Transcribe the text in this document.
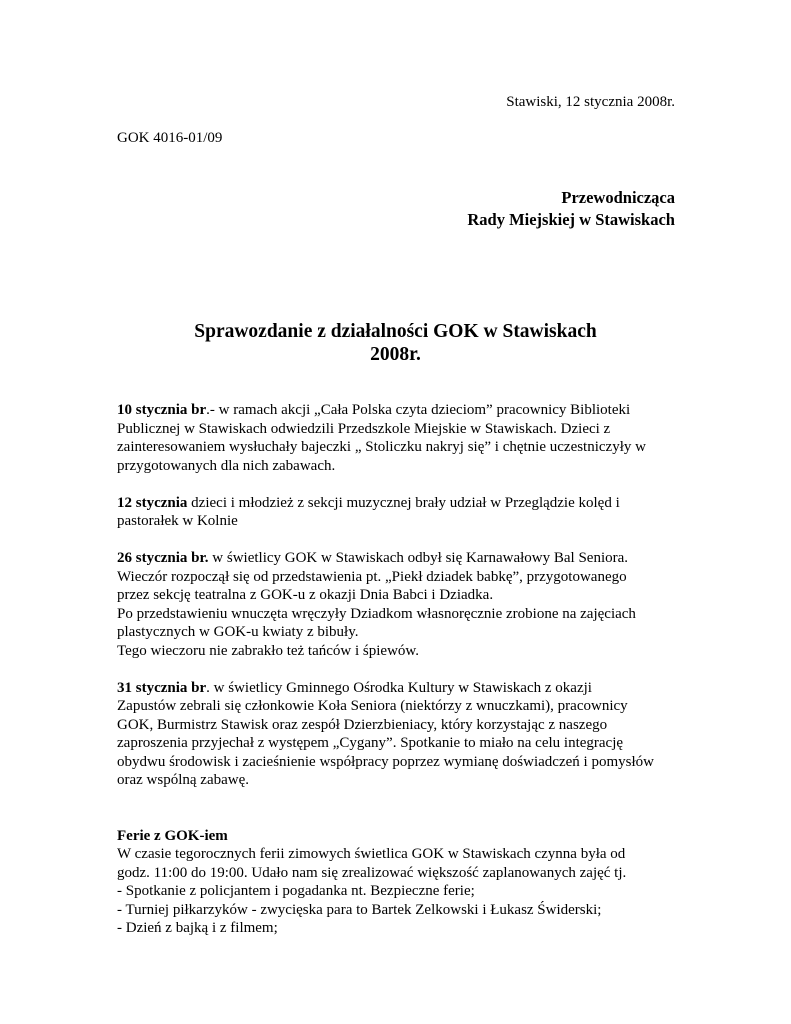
Stawiski, 12 stycznia 2008r.
GOK 4016-01/09
Przewodnicząca
Rady Miejskiej w Stawiskach
Sprawozdanie z działalności GOK w Stawiskach
2008r.

10 stycznia br.- w ramach akcji „Cała Polska czyta dzieciom” pracownicy Biblioteki
Publicznej w Stawiskach odwiedzili Przedszkole Miejskie w Stawiskach. Dzieci z
zainteresowaniem wysłuchały bajeczki „ Stoliczku nakryj się” i chętnie uczestniczyły w
przygotowanych dla nich zabawach.

12 stycznia dzieci i młodzież z sekcji muzycznej brały udział w Przeglądzie kolęd i
pastorałek w Kolnie

26 stycznia br. w świetlicy GOK w Stawiskach odbył się Karnawałowy Bal Seniora.
Wieczór rozpoczął się od przedstawienia pt. „Piekł dziadek babkę”, przygotowanego
przez sekcję teatralna z GOK-u z okazji Dnia Babci i Dziadka.
Po przedstawieniu wnuczęta wręczyły Dziadkom własnoręcznie zrobione na zajęciach
plastycznych w GOK-u kwiaty z bibuły.
Tego wieczoru nie zabrakło też tańców i śpiewów.

31 stycznia br. w świetlicy Gminnego Ośrodka Kultury w Stawiskach z okazji
Zapustów zebrali się członkowie Koła Seniora (niektórzy z wnuczkami), pracownicy
GOK, Burmistrz Stawisk oraz zespół Dzierzbieniacy, który korzystając z naszego
zaproszenia przyjechał z występem „Cygany”. Spotkanie to miało na celu integrację
obydwu środowisk i zacieśnienie współpracy poprzez wymianę doświadczeń i pomysłów
oraz wspólną zabawę.

Ferie z GOK-iem

W czasie tegorocznych ferii zimowych świetlica GOK w Stawiskach czynna była od
godz. 11:00 do 19:00. Udało nam się zrealizować większość zaplanowanych zajęć tj.

- Spotkanie z policjantem i pogadanka nt. Bezpieczne ferie;

- Turniej piłkarzyków - zwycięska para to Bartek Zelkowski i Łukasz Świderski;

- Dzień z bajką i z filmem;
